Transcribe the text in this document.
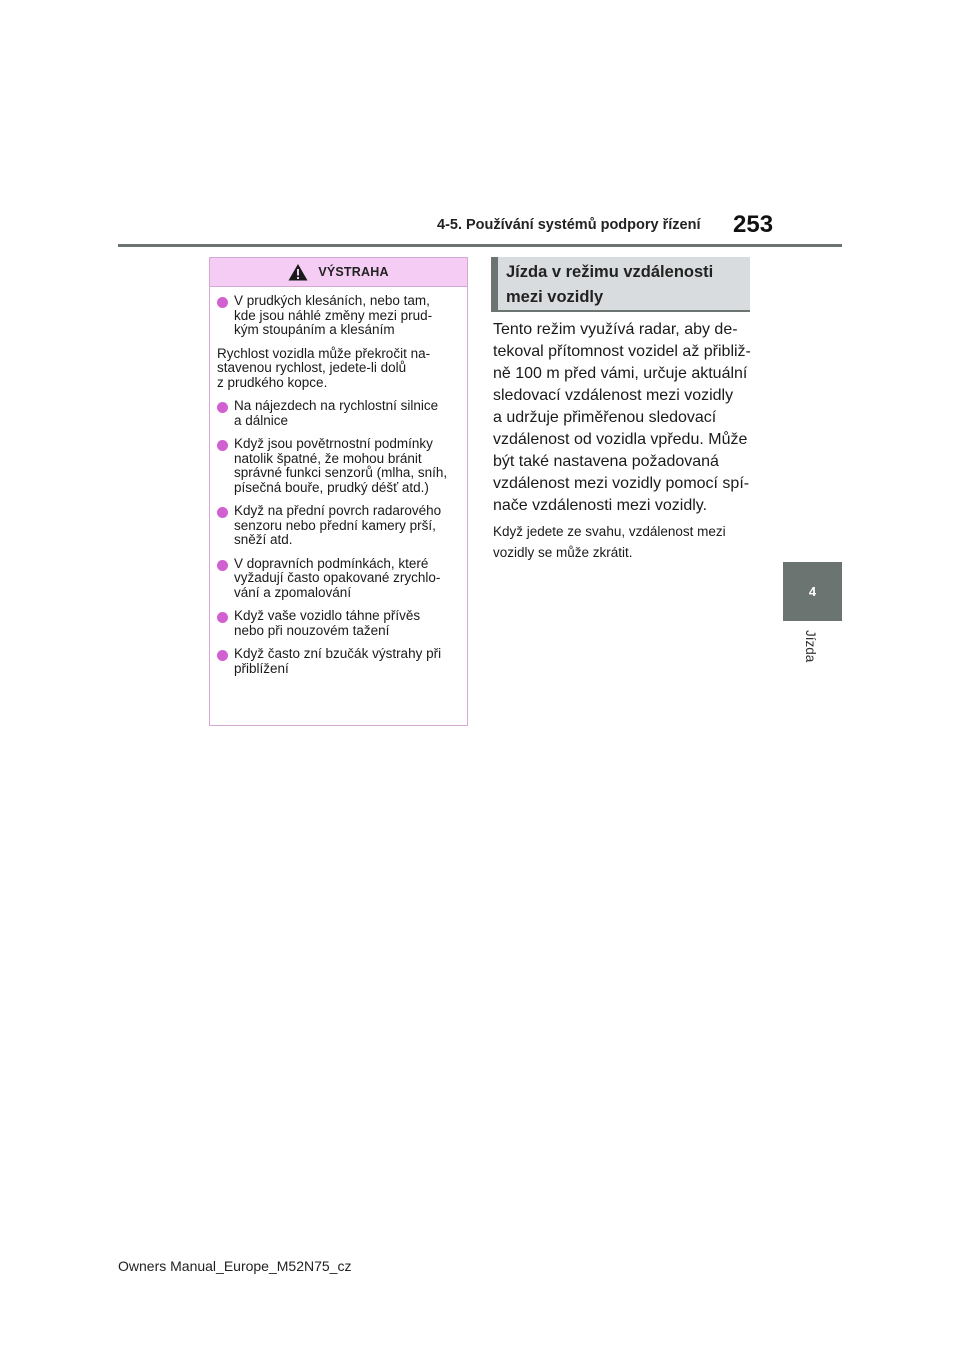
4-5. Používání systémů podpory řízení 253
4
Jízda
VÝSTRAHA
V prudkých klesáních, nebo tam,
kde jsou náhlé změny mezi prud-
kým stoupáním a klesáním
Rychlost vozidla může překročit na-
stavenou rychlost, jedete-li dolů
z prudkého kopce.
Na nájezdech na rychlostní silnice
a dálnice
Když jsou povětrnostní podmínky
natolik špatné, že mohou bránit
správné funkci senzorů (mlha, sníh,
písečná bouře, prudký déšť atd.)
Když na přední povrch radarového
senzoru nebo přední kamery prší,
sněží atd.
V dopravních podmínkách, které
vyžadují často opakované zrychlo-
vání a zpomalování
Když vaše vozidlo táhne přívěs
nebo při nouzovém tažení
Když často zní bzučák výstrahy při
přiblížení
Jízda v režimu vzdálenosti
mezi vozidly
Tento režim využívá radar, aby de-
tekoval přítomnost vozidel až přibliž-
ně 100 m před vámi, určuje aktuální
sledovací vzdálenost mezi vozidly
a udržuje přiměřenou sledovací
vzdálenost od vozidla vpředu. Může
být také nastavena požadovaná
vzdálenost mezi vozidly pomocí spí-
nače vzdálenosti mezi vozidly.
Když jedete ze svahu, vzdálenost mezi
vozidly se může zkrátit.
Owners Manual_Europe_M52N75_cz
